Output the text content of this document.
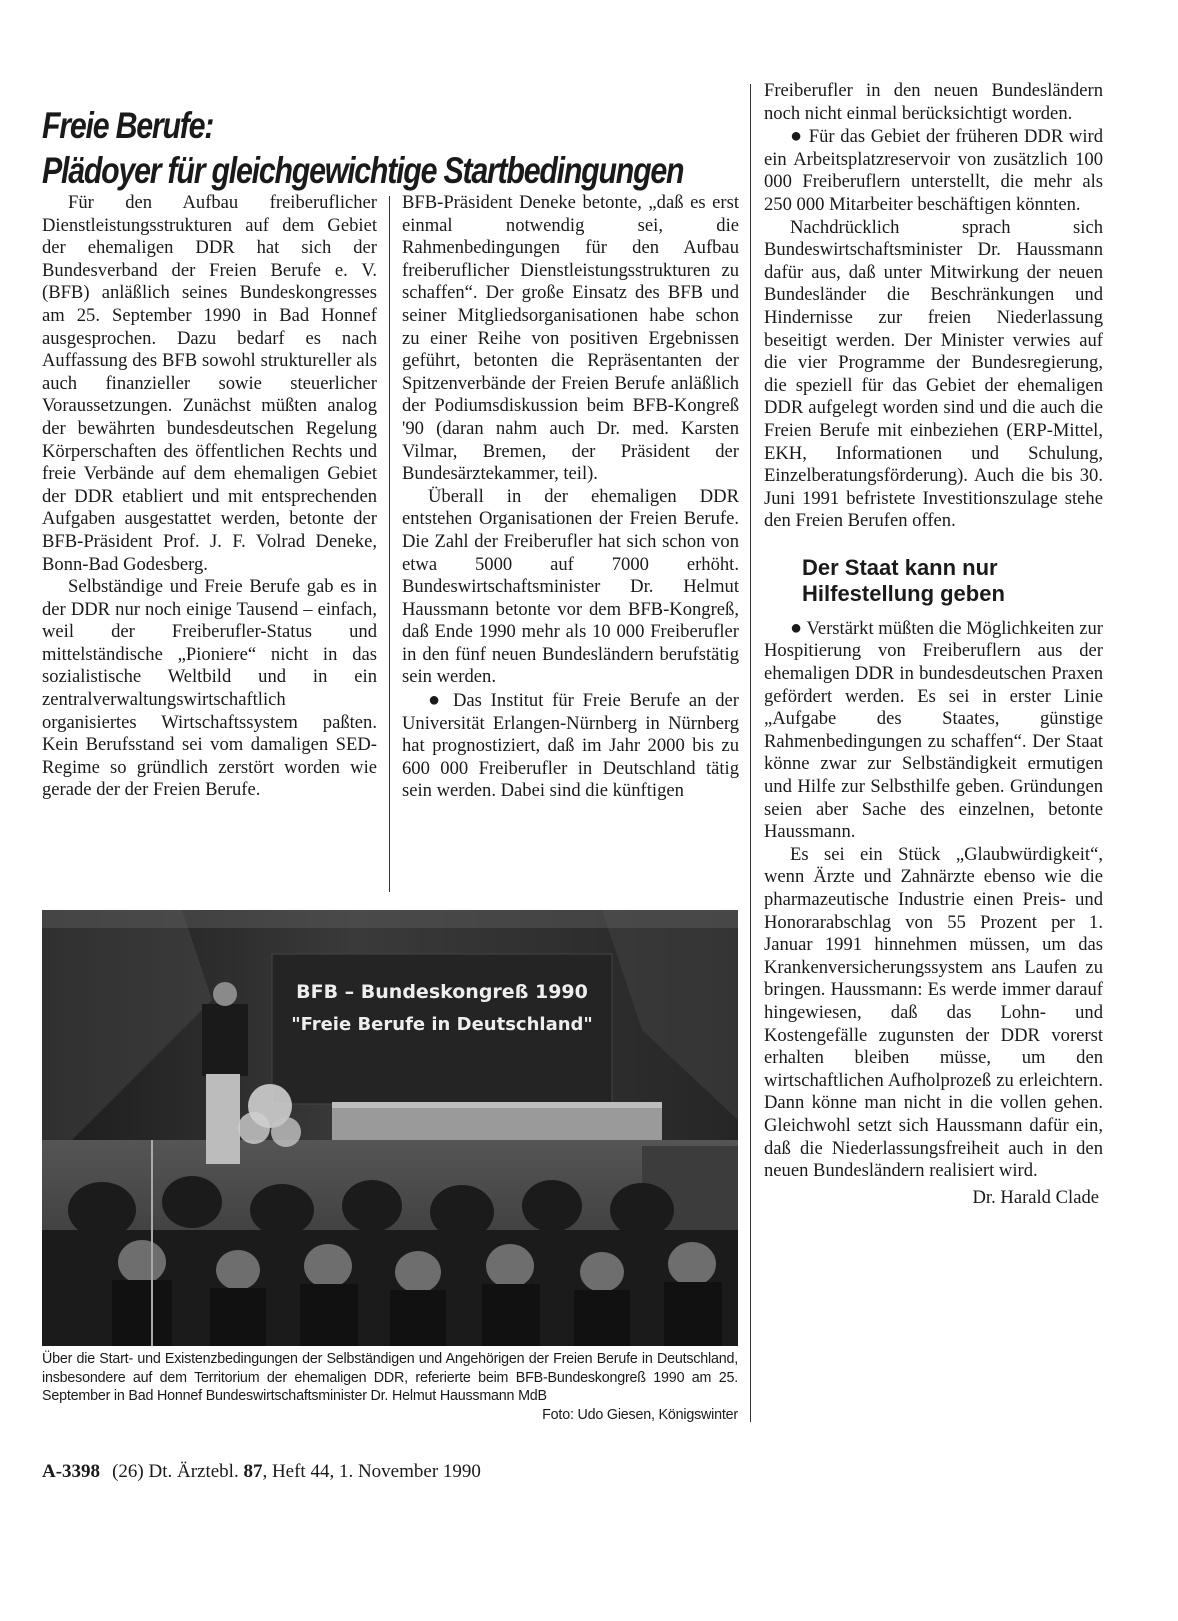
Freie Berufe:
Plädoyer für gleichgewichtige Startbedingungen

Für den Aufbau freiberuflicher Dienstleistungsstrukturen auf dem Gebiet der ehemaligen DDR hat sich der Bundesverband der Freien Berufe e. V. (BFB) anläßlich seines Bundeskongresses am 25. September 1990 in Bad Honnef ausgesprochen. Dazu bedarf es nach Auffassung des BFB sowohl struktureller als auch finanzieller sowie steuerlicher Voraussetzungen. Zunächst müßten analog der bewährten bundesdeutschen Regelung Körperschaften des öffentlichen Rechts und freie Verbände auf dem ehemaligen Gebiet der DDR etabliert und mit entsprechenden Aufgaben ausgestattet werden, betonte der BFB-Präsident Prof. J. F. Volrad Deneke, Bonn-Bad Godesberg.

Selbständige und Freie Berufe gab es in der DDR nur noch einige Tausend – einfach, weil der Freiberufler-Status und mittelständische „Pioniere“ nicht in das sozialistische Weltbild und in ein zentralverwaltungswirtschaftlich organisiertes Wirtschaftssystem paßten. Kein Berufsstand sei vom damaligen SED-Regime so gründlich zerstört worden wie gerade der der Freien Berufe.

BFB-Präsident Deneke betonte, „daß es erst einmal notwendig sei, die Rahmenbedingungen für den Aufbau freiberuflicher Dienstleistungsstrukturen zu schaffen“. Der große Einsatz des BFB und seiner Mitgliedsorganisationen habe schon zu einer Reihe von positiven Ergebnissen geführt, betonten die Repräsentanten der Spitzenverbände der Freien Berufe anläßlich der Podiumsdiskussion beim BFB-Kongreß '90 (daran nahm auch Dr. med. Karsten Vilmar, Bremen, der Präsident der Bundesärztekammer, teil).

Überall in der ehemaligen DDR entstehen Organisationen der Freien Berufe. Die Zahl der Freiberufler hat sich schon von etwa 5000 auf 7000 erhöht. Bundeswirtschaftsminister Dr. Helmut Haussmann betonte vor dem BFB-Kongreß, daß Ende 1990 mehr als 10 000 Freiberufler in den fünf neuen Bundesländern berufstätig sein werden.

● Das Institut für Freie Berufe an der Universität Erlangen-Nürnberg in Nürnberg hat prognostiziert, daß im Jahr 2000 bis zu 600 000 Freiberufler in Deutschland tätig sein werden. Dabei sind die künftigen

Freiberufler in den neuen Bundesländern noch nicht einmal berücksichtigt worden.

● Für das Gebiet der früheren DDR wird ein Arbeitsplatzreservoir von zusätzlich 100 000 Freiberuflern unterstellt, die mehr als 250 000 Mitarbeiter beschäftigen könnten.

Nachdrücklich sprach sich Bundeswirtschaftsminister Dr. Haussmann dafür aus, daß unter Mitwirkung der neuen Bundesländer die Beschränkungen und Hindernisse zur freien Niederlassung beseitigt werden. Der Minister verwies auf die vier Programme der Bundesregierung, die speziell für das Gebiet der ehemaligen DDR aufgelegt worden sind und die auch die Freien Berufe mit einbeziehen (ERP-Mittel, EKH, Informationen und Schulung, Einzelberatungsförderung). Auch die bis 30. Juni 1991 befristete Investitionszulage stehe den Freien Berufen offen.

Der Staat kann nur
Hilfestellung geben

● Verstärkt müßten die Möglichkeiten zur Hospitierung von Freiberuflern aus der ehemaligen DDR in bundesdeutschen Praxen gefördert werden. Es sei in erster Linie „Aufgabe des Staates, günstige Rahmenbedingungen zu schaffen“. Der Staat könne zwar zur Selbständigkeit ermutigen und Hilfe zur Selbsthilfe geben. Gründungen seien aber Sache des einzelnen, betonte Haussmann.

Es sei ein Stück „Glaubwürdigkeit“, wenn Ärzte und Zahnärzte ebenso wie die pharmazeutische Industrie einen Preis- und Honorarabschlag von 55 Prozent per 1. Januar 1991 hinnehmen müssen, um das Krankenversicherungssystem ans Laufen zu bringen. Haussmann: Es werde immer darauf hingewiesen, daß das Lohn- und Kostengefälle zugunsten der DDR vorerst erhalten bleiben müsse, um den wirtschaftlichen Aufholprozeß zu erleichtern. Dann könne man nicht in die vollen gehen. Gleichwohl setzt sich Haussmann dafür ein, daß die Niederlassungsfreiheit auch in den neuen Bundesländern realisiert wird.

Dr. Harald Clade
BFB – Bundeskongreß 1990
"Freie Berufe in Deutschland"
Über die Start- und Existenzbedingungen der Selbständigen und Angehörigen der Freien Berufe in Deutschland, insbesondere auf dem Territorium der ehemaligen DDR, referierte beim BFB-Bundeskongreß 1990 am 25. September in Bad Honnef Bundeswirtschaftsminister Dr. Helmut Haussmann MdB
Foto: Udo Giesen, Königswinter
A-3398 (26) Dt. Ärztebl. 87, Heft 44, 1. November 1990
